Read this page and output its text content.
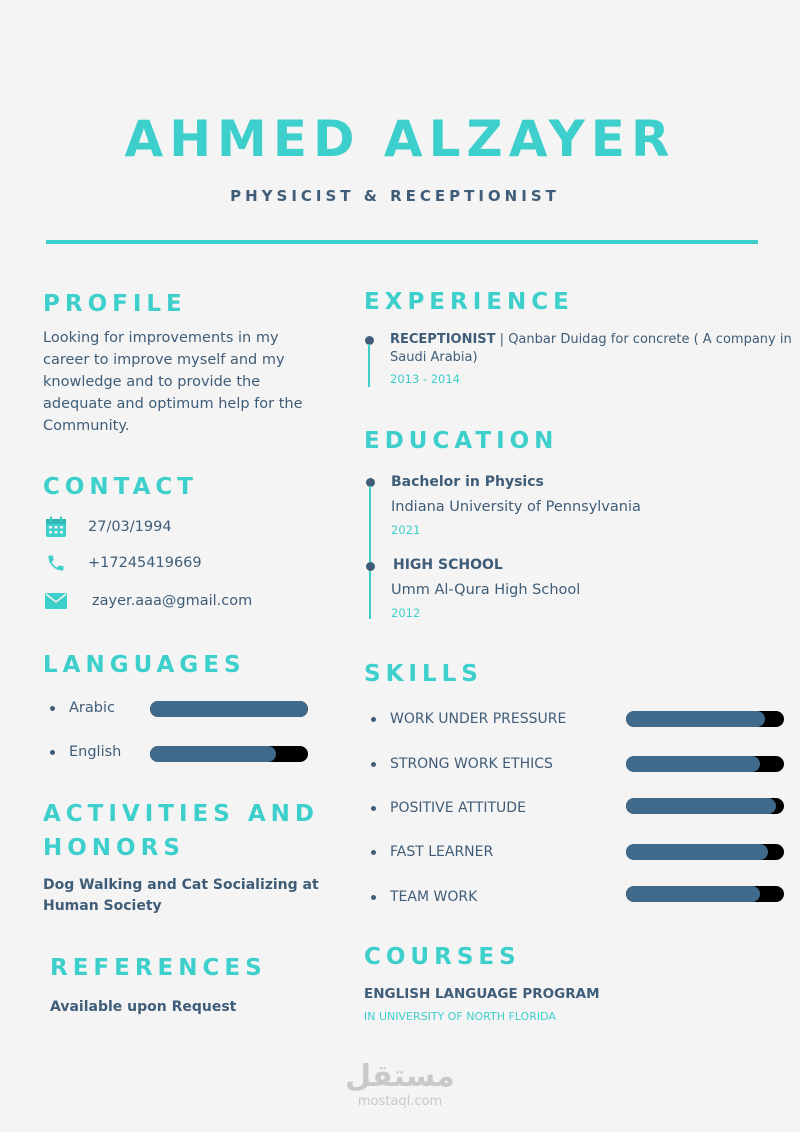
AHMED ALZAYER
PHYSICIST & RECEPTIONIST
PROFILE
Looking for improvements in my career to improve myself and my knowledge and to provide the adequate and optimum help for the Community.
CONTACT
27/03/1994
+17245419669
zayer.aaa@gmail.com
LANGUAGES
Arabic
English
ACTIVITIES AND
HONORS
Dog Walking and Cat Socializing at Human Society
REFERENCES
Available upon Request
EXPERIENCE
RECEPTIONIST | Qanbar Duidag for concrete ( A company in Saudi Arabia)
2013 - 2014
EDUCATION
Bachelor in Physics
Indiana University of Pennsylvania
2021
HIGH SCHOOL
Umm Al-Qura High School
2012
SKILLS
WORK UNDER PRESSURE
STRONG WORK ETHICS
POSITIVE ATTITUDE
FAST LEARNER
TEAM WORK
COURSES
ENGLISH LANGUAGE PROGRAM
IN UNIVERSITY OF NORTH FLORIDA
مستقل
mostaql.com
